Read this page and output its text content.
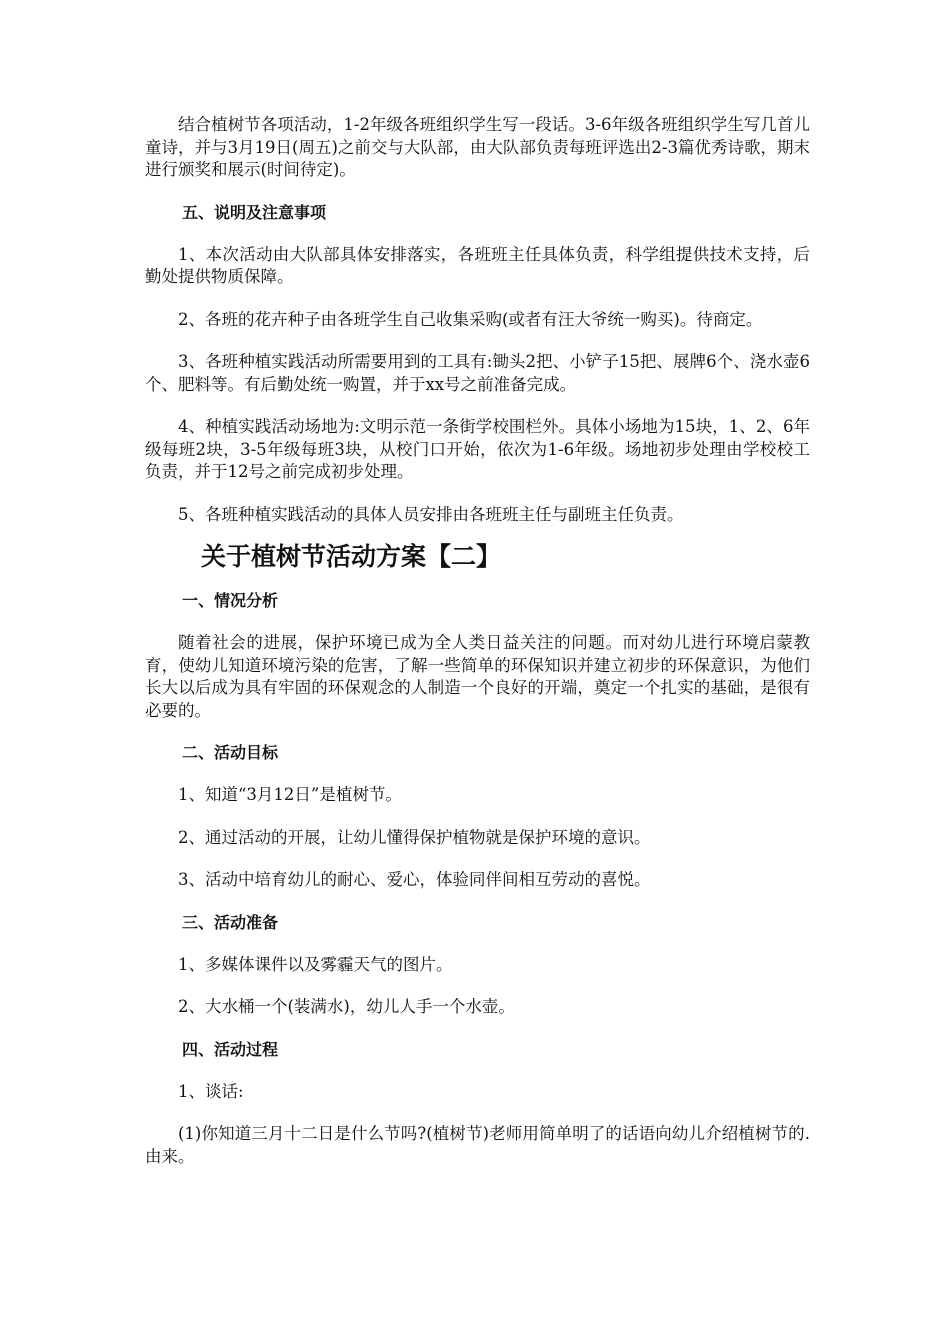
结合植树节各项活动，1-2年级各班组织学生写一段话。3-6年级各班组织学生写几首儿童诗，并与3月19日(周五)之前交与大队部，由大队部负责每班评选出2-3篇优秀诗歌，期末进行颁奖和展示(时间待定)。

五、说明及注意事项

1、本次活动由大队部具体安排落实，各班班主任具体负责，科学组提供技术支持，后勤处提供物质保障。

2、各班的花卉种子由各班学生自己收集采购(或者有汪大爷统一购买)。待商定。

3、各班种植实践活动所需要用到的工具有:锄头2把、小铲子15把、展牌6个、浇水壶6个、肥料等。有后勤处统一购置，并于xx号之前准备完成。

4、种植实践活动场地为:文明示范一条街学校围栏外。具体小场地为15块，1、2、6年级每班2块，3-5年级每班3块，从校门口开始，依次为1-6年级。场地初步处理由学校校工负责，并于12号之前完成初步处理。

5、各班种植实践活动的具体人员安排由各班班主任与副班主任负责。

关于植树节活动方案【二】
一、情况分析

随着社会的进展，保护环境已成为全人类日益关注的问题。而对幼儿进行环境启蒙教育，使幼儿知道环境污染的危害，了解一些简单的环保知识并建立初步的环保意识，为他们长大以后成为具有牢固的环保观念的人制造一个良好的开端，奠定一个扎实的基础，是很有必要的。

二、活动目标

1、知道“3月12日”是植树节。

2、通过活动的开展，让幼儿懂得保护植物就是保护环境的意识。

3、活动中培育幼儿的耐心、爱心，体验同伴间相互劳动的喜悦。

三、活动准备

1、多媒体课件以及雾霾天气的图片。

2、大水桶一个(装满水)，幼儿人手一个水壶。

四、活动过程

1、谈话:

(1)你知道三月十二日是什么节吗?(植树节)老师用简单明了的话语向幼儿介绍植树节的.由来。
